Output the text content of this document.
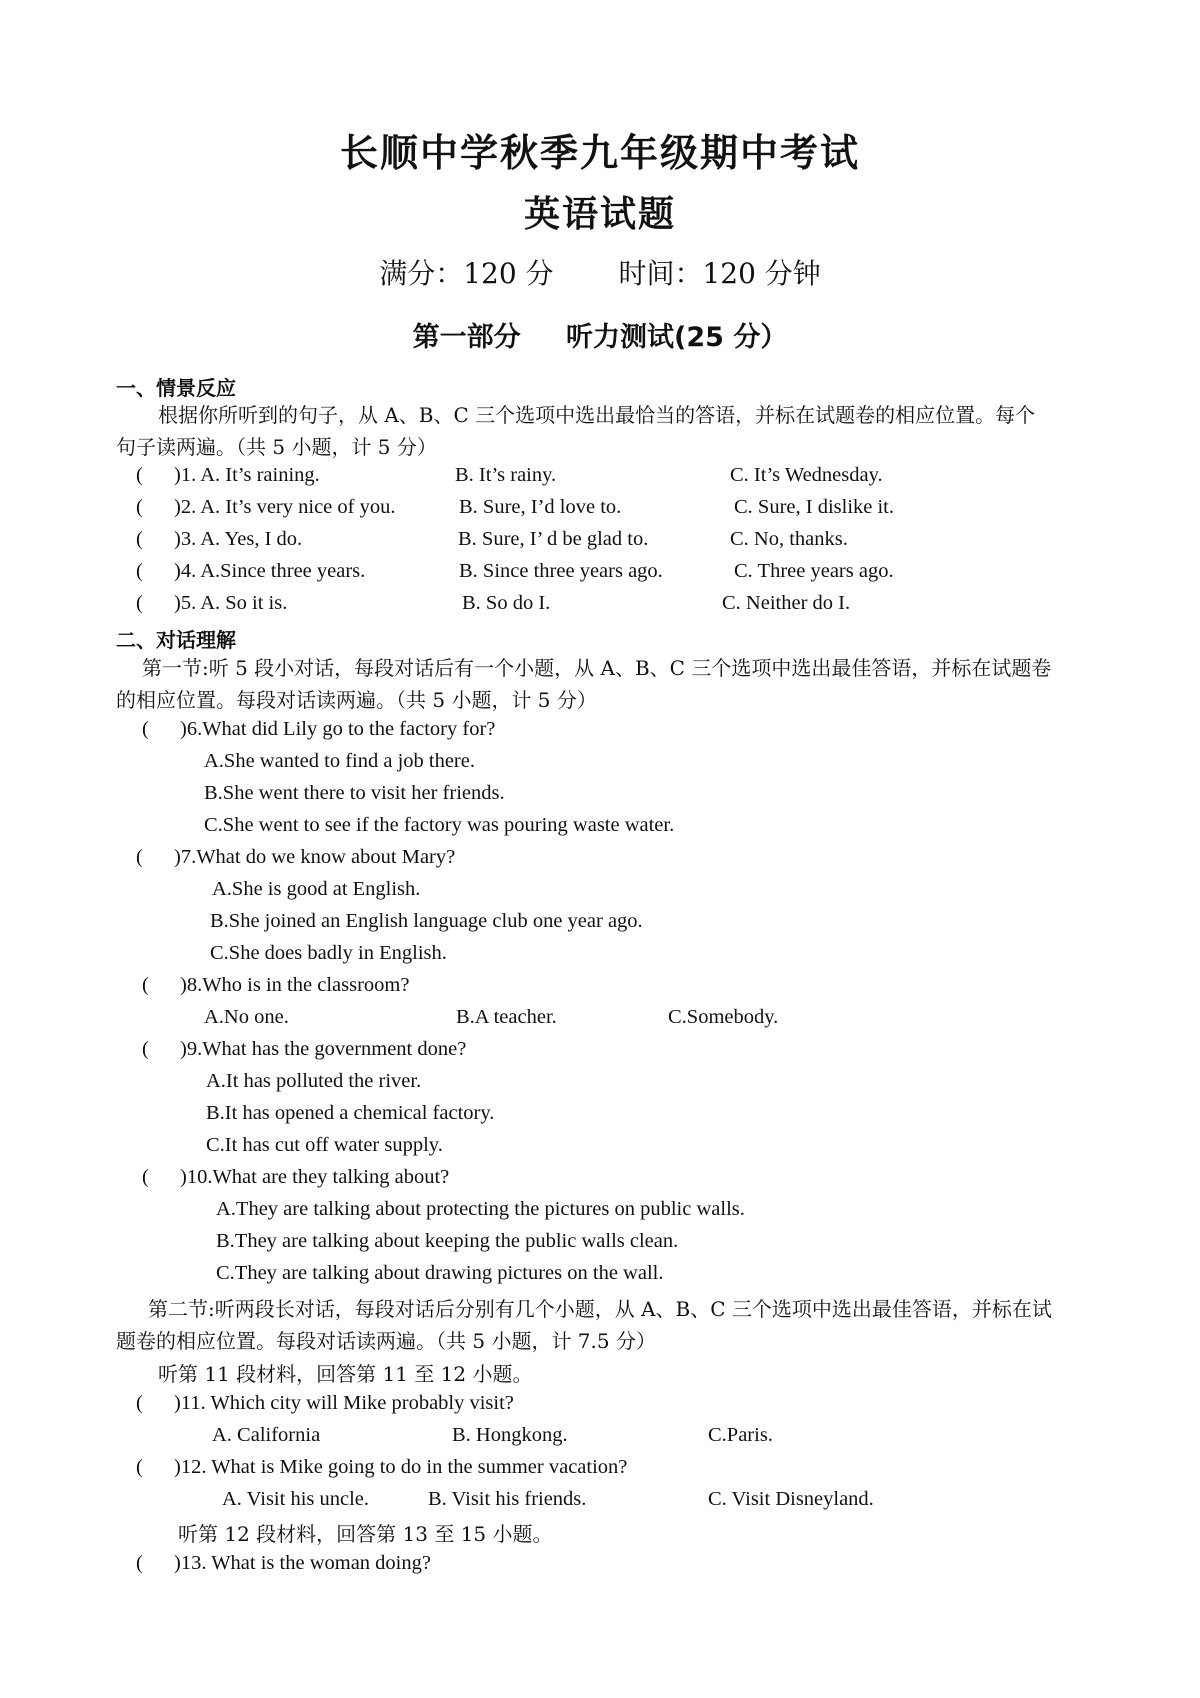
长顺中学秋季九年级期中考试
英语试题
满分：120 分 时间：120 分钟
第一部分 听力测试(25 分）
一、情景反应
根据你所听到的句子，从 A、B、C 三个选项中选出最恰当的答语，并标在试题卷的相应位置。每个
句子读两遍。（共 5 小题，计 5 分）
( )1. A. It’s raining.	B. It’s rainy.	C. It’s Wednesday.
( )2. A. It’s very nice of you.	B. Sure, I’d love to.	C. Sure, I dislike it.
( )3. A. Yes, I do.	B. Sure, I’ d be glad to.	C. No, thanks.
( )4. A.Since three years.	B. Since three years ago.	C. Three years ago.
( )5. A. So it is.	B. So do I.	C. Neither do I.
二、对话理解
第一节:听 5 段小对话，每段对话后有一个小题，从 A、B、C 三个选项中选出最佳答语，并标在试题卷
的相应位置。每段对话读两遍。（共 5 小题，计 5 分）
( )6.What did Lily go to the factory for?
A.She wanted to find a job there.
B.She went there to visit her friends.
C.She went to see if the factory was pouring waste water.
( )7.What do we know about Mary?
A.She is good at English.
B.She joined an English language club one year ago.
C.She does badly in English.
( )8.Who is in the classroom?
A.No one.	B.A teacher.	C.Somebody.
( )9.What has the government done?
A.It has polluted the river.
B.It has opened a chemical factory.
C.It has cut off water supply.
( )10.What are they talking about?
A.They are talking about protecting the pictures on public walls.
B.They are talking about keeping the public walls clean.
C.They are talking about drawing pictures on the wall.
第二节:听两段长对话，每段对话后分别有几个小题，从 A、B、C 三个选项中选出最佳答语，并标在试
题卷的相应位置。每段对话读两遍。（共 5 小题，计 7.5 分）
听第 11 段材料，回答第 11 至 12 小题。
( )11. Which city will Mike probably visit?
A. California	B. Hongkong.	C.Paris.
( )12. What is Mike going to do in the summer vacation?
A. Visit his uncle.	B. Visit his friends.	C. Visit Disneyland.
听第 12 段材料，回答第 13 至 15 小题。
( )13. What is the woman doing?
